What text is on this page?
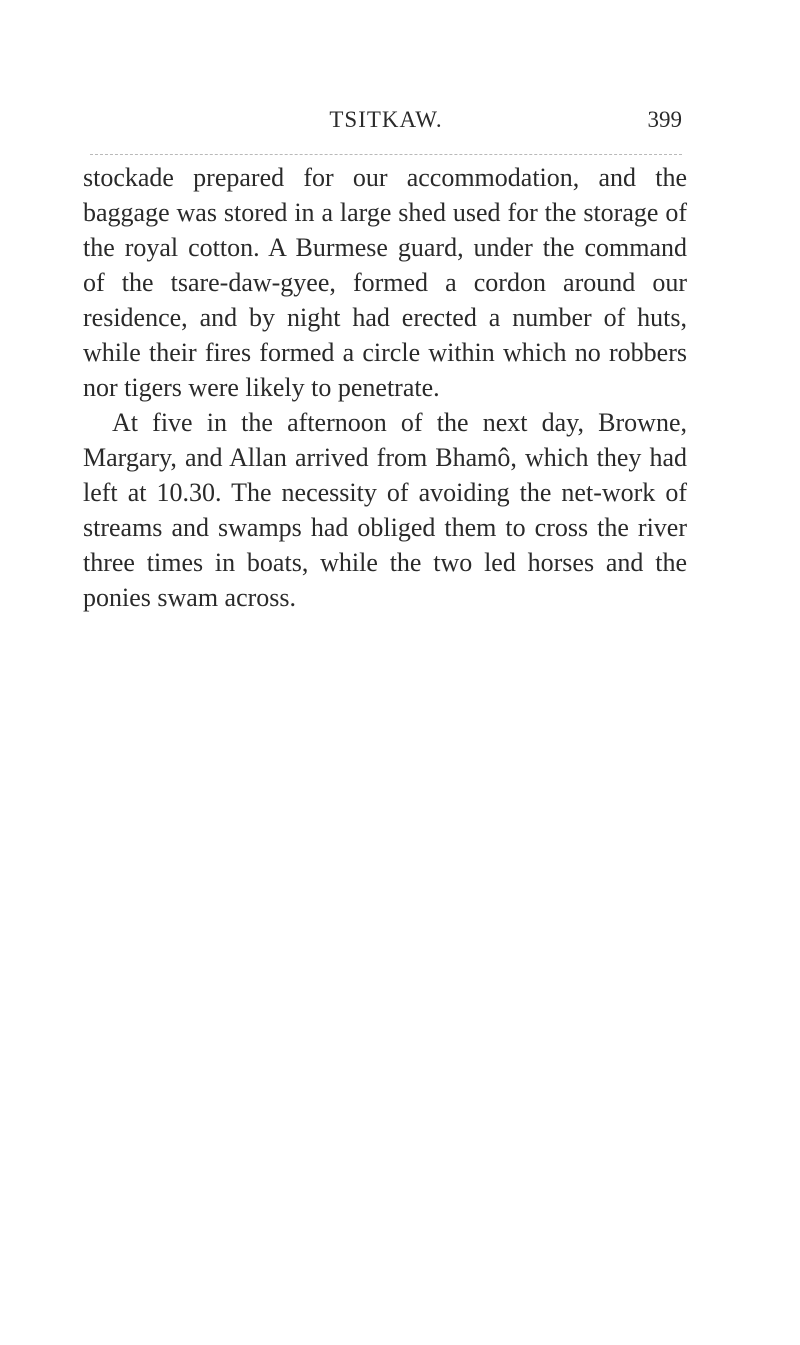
TSITKAW.	399

stockade prepared for our accommodation, and the baggage was stored in a large shed used for the storage of the royal cotton. A Burmese guard, under the command of the tsare-daw-gyee, formed a cordon around our residence, and by night had erected a number of huts, while their fires formed a circle within which no robbers nor tigers were likely to penetrate.

At five in the afternoon of the next day, Browne, Margary, and Allan arrived from Bhamô, which they had left at 10.30. The necessity of avoiding the net-work of streams and swamps had obliged them to cross the river three times in boats, while the two led horses and the ponies swam across.
